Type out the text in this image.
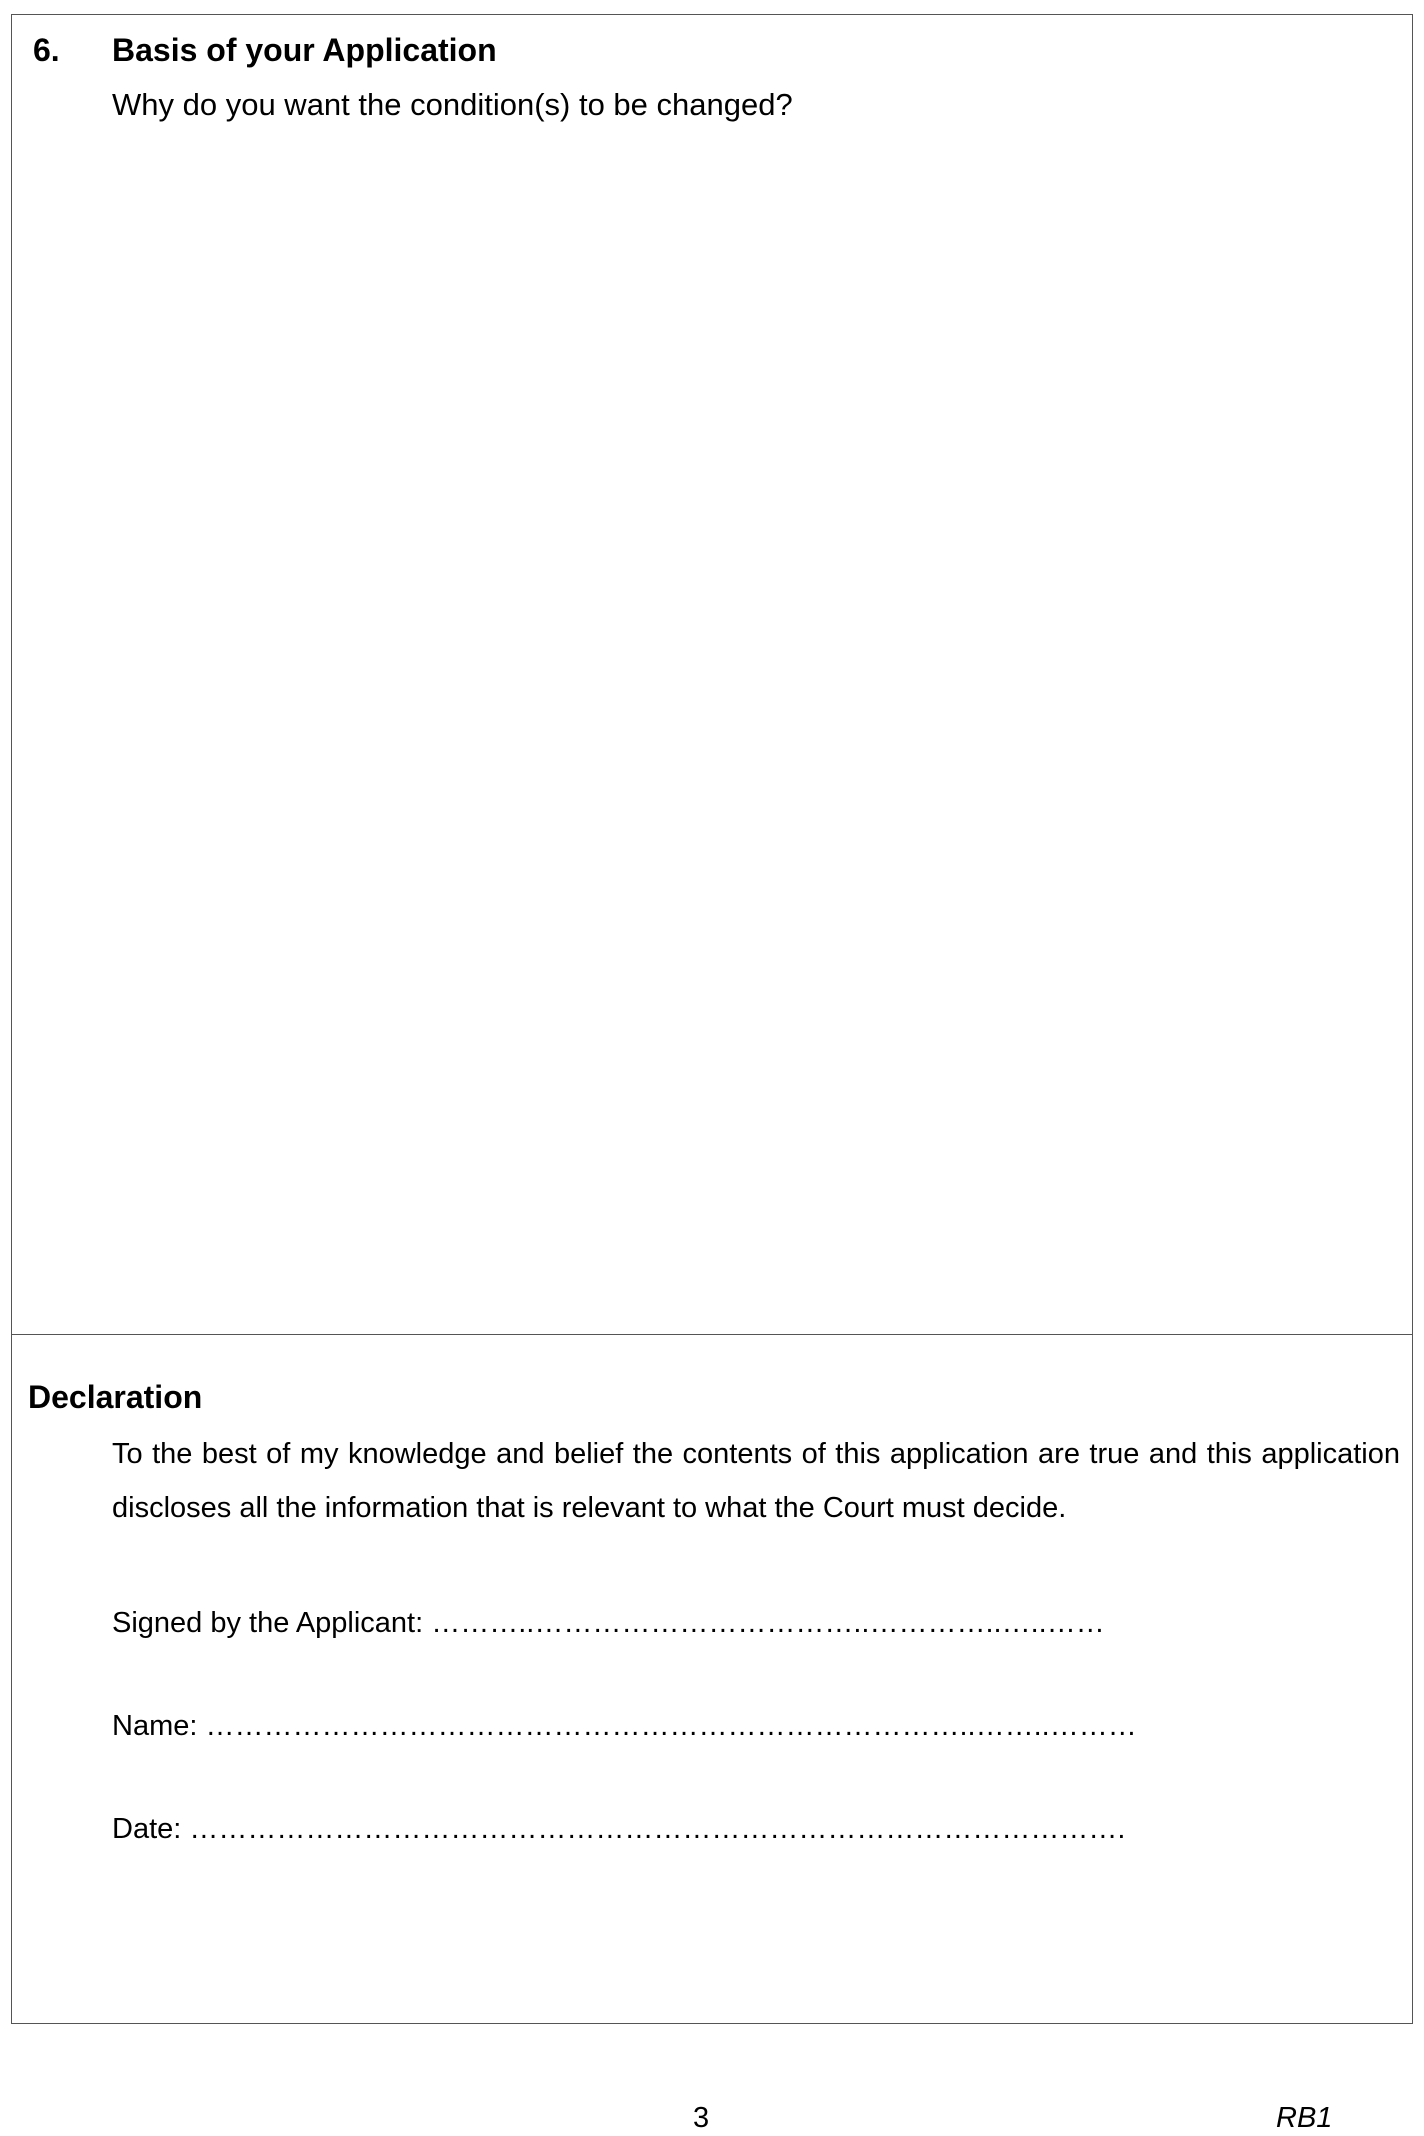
6. Basis of your Application
Why do you want the condition(s) to be changed?
Declaration
To the best of my knowledge and belief the contents of this application are true and this application discloses all the information that is relevant to what the Court must decide.
Signed by the Applicant: ………..……………………………..…………..…..……
Name: ……………………………………………………………………..……..………
Date: …………………………………………………………………………………….
3	RB1
